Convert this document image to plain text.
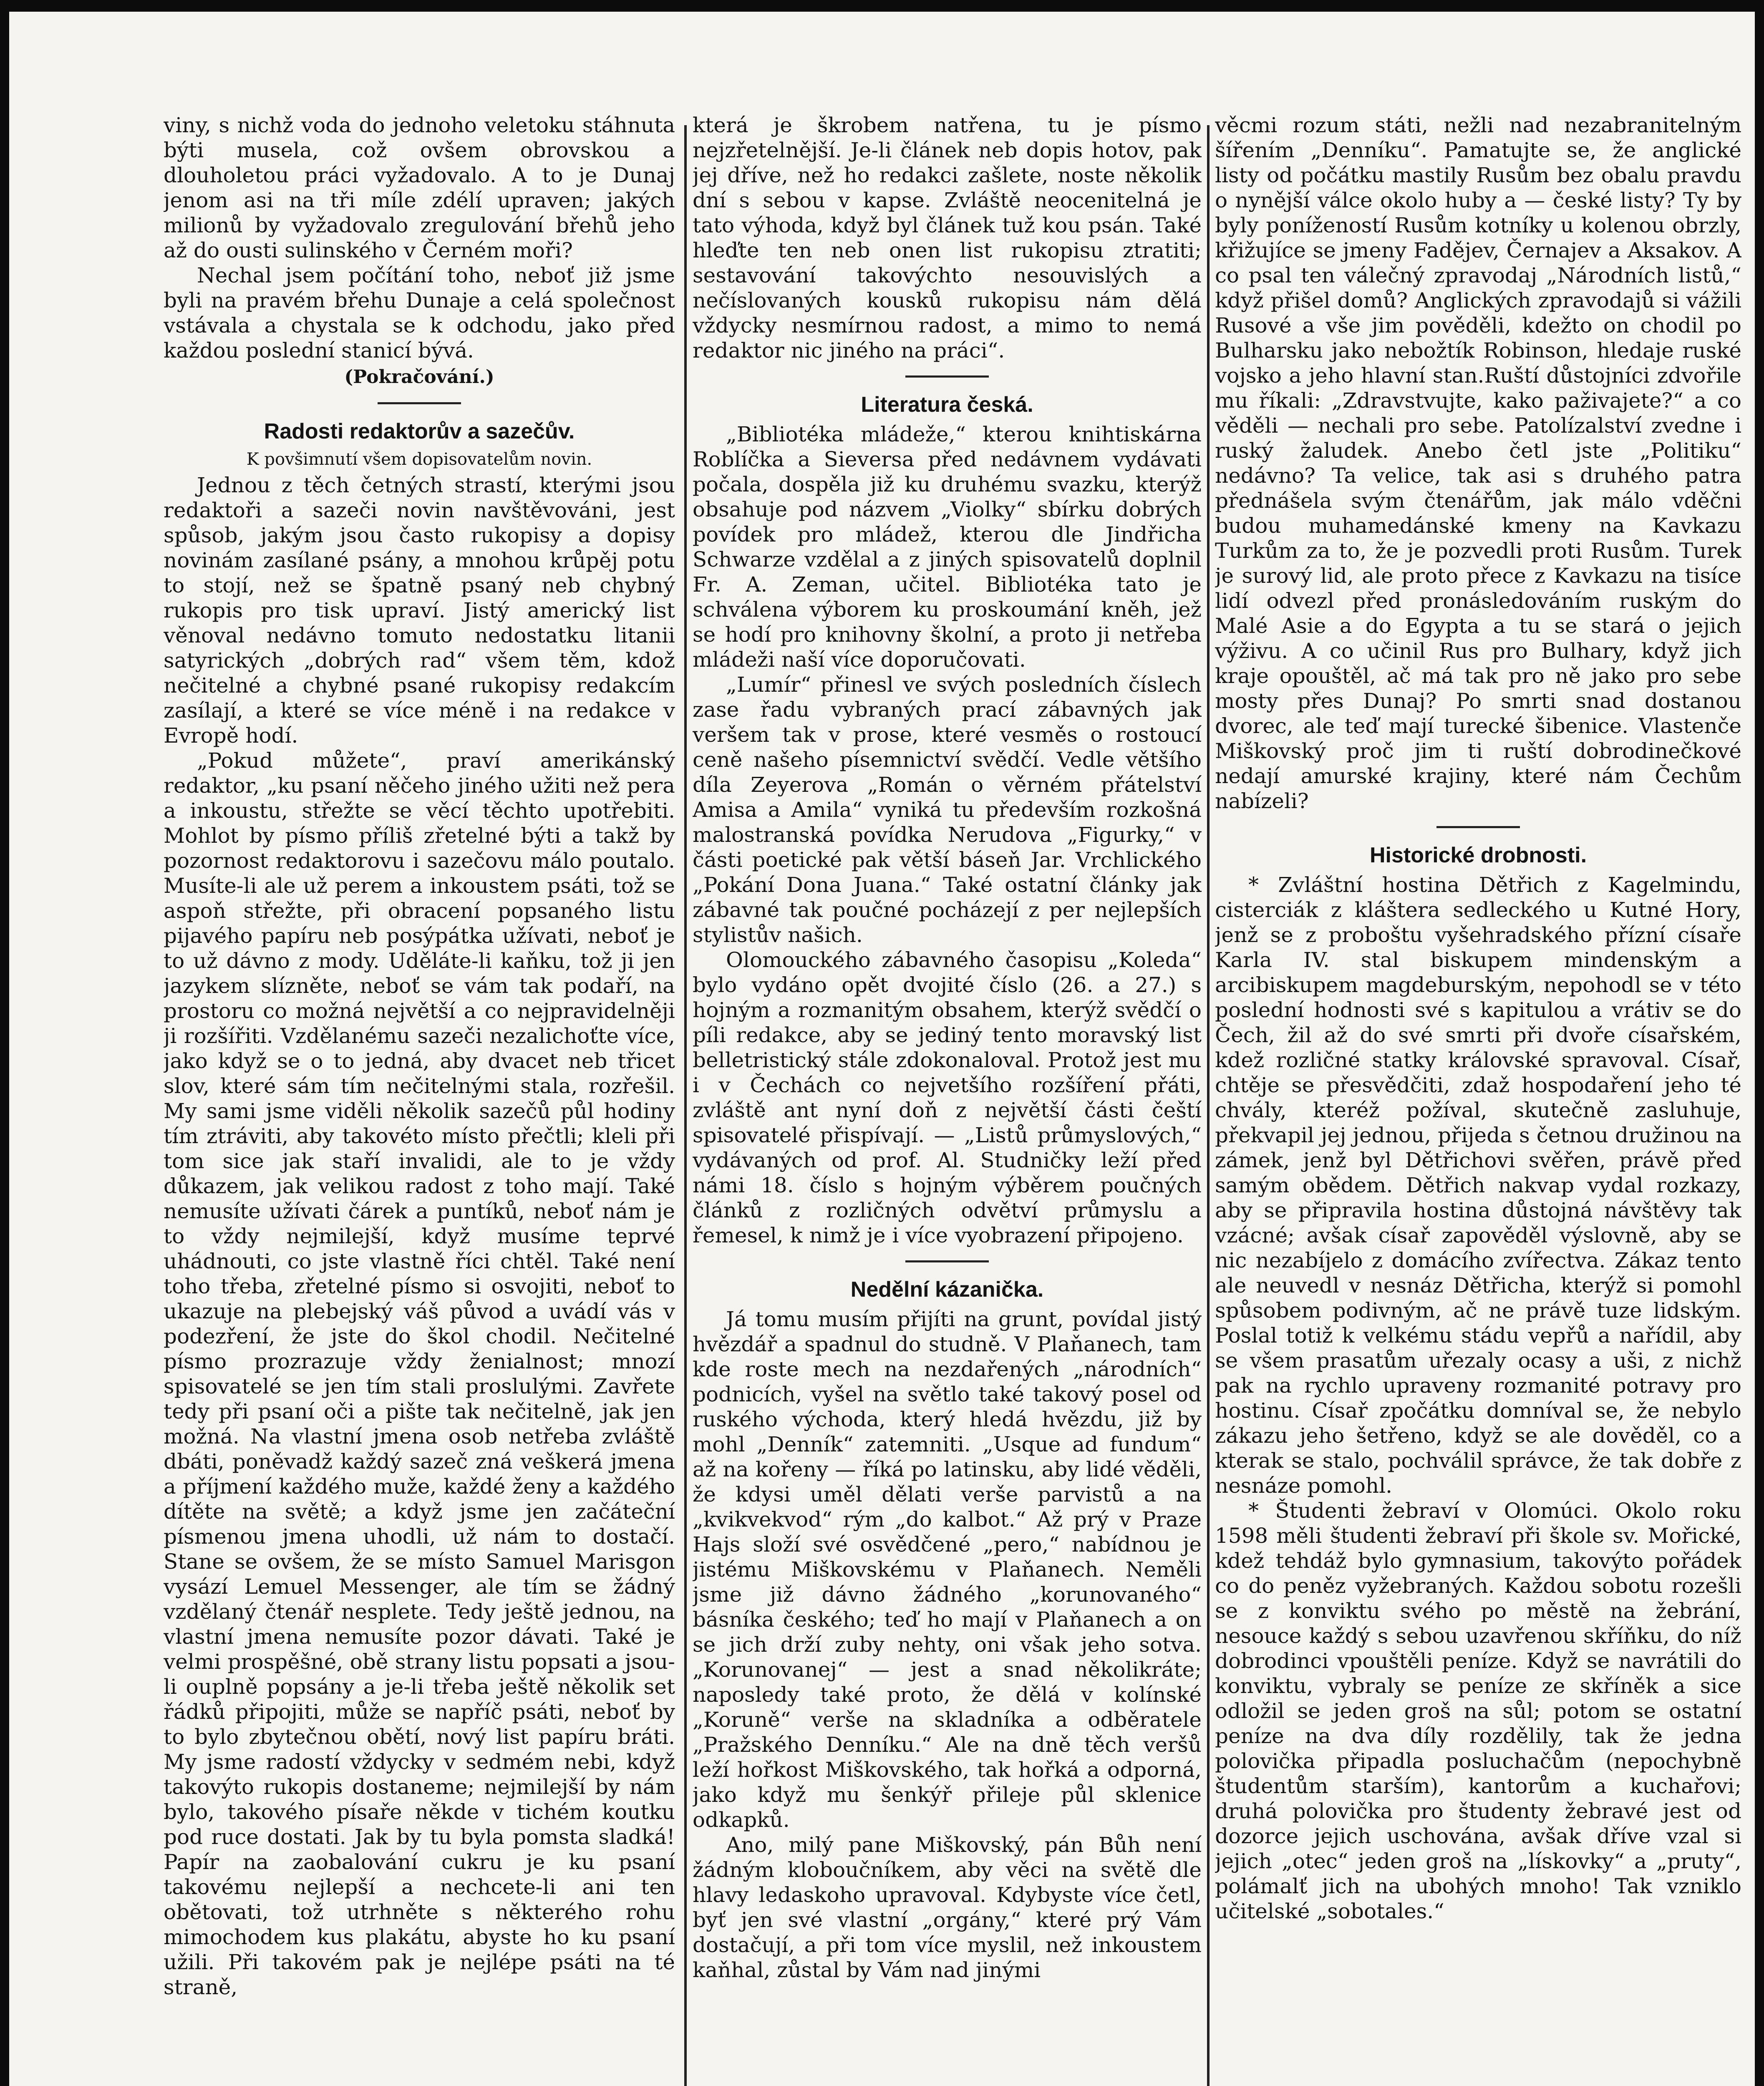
viny, s nichž voda do jednoho veletoku stáhnuta býti musela, což ovšem obrovskou a dlouholetou práci vyžadovalo. A to je Dunaj jenom asi na tři míle zdélí upraven; jakých milionů by vyžadovalo zregulování břehů jeho až do ousti sulinského v Černém moři?

Nechal jsem počítání toho, neboť již jsme byli na pravém břehu Dunaje a celá společnost vstávala a chystala se k odchodu, jako před každou poslední stanicí bývá.

(Pokračování.)
Radosti redaktorův a sazečův.
K povšimnutí všem dopisovatelům novin.

Jednou z těch četných strastí, kterými jsou redaktoři a sazeči novin navštěvováni, jest spůsob, jakým jsou často rukopisy a dopisy novinám zasílané psány, a mnohou krůpěj potu to stojí, než se špatně psaný neb chybný rukopis pro tisk upraví. Jistý americký list věnoval nedávno tomuto nedostatku litanii satyrických „dobrých rad“ všem těm, kdož nečitelné a chybné psané rukopisy redakcím zasílají, a které se více méně i na redakce v Evropě hodí.

„Pokud můžete“, praví amerikánský redaktor, „ku psaní něčeho jiného užiti než pera a inkoustu, střežte se věcí těchto upotřebiti. Mohlot by písmo příliš zřetelné býti a takž by pozornost redaktorovu i sazečovu málo poutalo. Musíte-li ale už perem a inkoustem psáti, tož se aspoň střežte, při obracení popsaného listu pijavého papíru neb posýpátka užívati, neboť je to už dávno z mody. Uděláte-li kaňku, tož ji jen jazykem slízněte, neboť se vám tak podaří, na prostoru co možná největší a co nejpravidelněji ji rozšířiti. Vzdělanému sazeči nezalichoťte více, jako když se o to jedná, aby dvacet neb třicet slov, které sám tím nečitelnými stala, rozřešil. My sami jsme viděli několik sazečů půl hodiny tím ztráviti, aby takovéto místo přečtli; kleli při tom sice jak staří invalidi, ale to je vždy důkazem, jak velikou radost z toho mají. Také nemusíte užívati čárek a puntíků, neboť nám je to vždy nejmilejší, když musíme teprvé uhádnouti, co jste vlastně říci chtěl. Také není toho třeba, zřetelné písmo si osvojiti, neboť to ukazuje na plebejský váš původ a uvádí vás v podezření, že jste do škol chodil. Nečitelné písmo prozrazuje vždy ženialnost; mnozí spisovatelé se jen tím stali proslulými. Zavřete tedy při psaní oči a pište tak nečitelně, jak jen možná. Na vlastní jmena osob netřeba zvláště dbáti, poněvadž každý sazeč zná veškerá jmena a příjmení každého muže, každé ženy a každého dítěte na světě; a když jsme jen začáteční písmenou jmena uhodli, už nám to dostačí. Stane se ovšem, že se místo Samuel Marisgon vysází Lemuel Messenger, ale tím se žádný vzdělaný čtenář nesplete. Tedy ještě jednou, na vlastní jmena nemusíte pozor dávati. Také je velmi prospěšné, obě strany listu popsati a jsou-li ouplně popsány a je-li třeba ještě několik set řádků připojiti, může se napříč psáti, neboť by to bylo zbytečnou obětí, nový list papíru bráti. My jsme radostí vždycky v sedmém nebi, když takovýto rukopis dostaneme; nejmilejší by nám bylo, takového písaře někde v tichém koutku pod ruce dostati. Jak by tu byla pomsta sladká! Papír na zaobalování cukru je ku psaní takovému nejlepší a nechcete-li ani ten obětovati, tož utrhněte s některého rohu mimochodem kus plakátu, abyste ho ku psaní užili. Při takovém pak je nejlépe psáti na té straně,

která je škrobem natřena, tu je písmo nejzřetelnější. Je-li článek neb dopis hotov, pak jej dříve, než ho redakci zašlete, noste několik dní s sebou v kapse. Zvláště neocenitelná je tato výhoda, když byl článek tuž kou psán. Také hleďte ten neb onen list rukopisu ztratiti; sestavování takovýchto nesouvislých a nečíslovaných kousků rukopisu nám dělá vždycky nesmírnou radost, a mimo to nemá redaktor nic jiného na práci“.

Literatura česká.

„Bibliotéka mládeže,“ kterou knihtiskárna Roblíčka a Sieversa před nedávnem vydávati počala, dospěla již ku druhému svazku, kterýž obsahuje pod názvem „Violky“ sbírku dobrých povídek pro mládež, kterou dle Jindřicha Schwarze vzdělal a z jiných spisovatelů doplnil Fr. A. Zeman, učitel. Bibliotéka tato je schválena výborem ku proskoumání kněh, jež se hodí pro knihovny školní, a proto ji netřeba mládeži naší více doporučovati.

„Lumír“ přinesl ve svých posledních číslech zase řadu vybraných prací zábavných jak veršem tak v prose, které vesměs o rostoucí ceně našeho písemnictví svědčí. Vedle většího díla Zeyerova „Román o věrném přátelství Amisa a Amila“ vyniká tu především rozkošná malostranská povídka Nerudova „Figurky,“ v části poetické pak větší báseň Jar. Vrchlického „Pokání Dona Juana.“ Také ostatní články jak zábavné tak poučné pocházejí z per nejlepších stylistův našich.

Olomouckého zábavného časopisu „Koleda“ bylo vydáno opět dvojité číslo (26. a 27.) s hojným a rozmanitým obsahem, kterýž svědčí o píli redakce, aby se jediný tento moravský list belletristický stále zdokonaloval. Protož jest mu i v Čechách co nejvetšího rozšíření přáti, zvláště ant nyní doň z největší části čeští spisovatelé přispívají. — „Listů průmyslových,“ vydávaných od prof. Al. Studničky leží před námi 18. číslo s hojným výběrem poučných článků z rozličných odvětví průmyslu a řemesel, k nimž je i více vyobrazení připojeno.

Nedělní kázanička.

Já tomu musím přijíti na grunt, povídal jistý hvězdář a spadnul do studně. V Plaňanech, tam kde roste mech na nezdařených „národních“ podnicích, vyšel na světlo také takový posel od ruského východa, který hledá hvězdu, již by mohl „Denník“ zatemniti. „Usque ad fundum“ až na kořeny — říká po latinsku, aby lidé věděli, že kdysi uměl dělati verše parvistů a na „kvikvekvod“ rým „do kalbot.“ Až prý v Praze Hajs složí své osvědčené „pero,“ nabídnou je jistému Miškovskému v Plaňanech. Neměli jsme již dávno žádného „korunovaného“ básníka českého; teď ho mají v Plaňanech a on se jich drží zuby nehty, oni však jeho sotva. „Korunovanej“ — jest a snad několikráte; naposledy také proto, že dělá v kolínské „Koruně“ verše na skladníka a odběratele „Pražského Denníku.“ Ale na dně těch veršů leží hořkost Miškovského, tak hořká a odporná, jako když mu šenkýř přileje půl sklenice odkapků.

Ano, milý pane Miškovský, pán Bůh není žádným kloboučníkem, aby věci na světě dle hlavy ledaskoho upravoval. Kdybyste více četl, byť jen své vlastní „orgány,“ které prý Vám dostačují, a při tom více myslil, než inkoustem kaňhal, zůstal by Vám nad jinými

věcmi rozum státi, nežli nad nezabranitelným šířením „Denníku“. Pamatujte se, že anglické listy od počátku mastily Rusům bez obalu pravdu o nynější válce okolo huby a — české listy? Ty by byly ponížeností Rusům kotníky u kolenou obrzly, křižujíce se jmeny Fadějev, Černajev a Aksakov. A co psal ten válečný zpravodaj „Národních listů,“ když přišel domů? Anglických zpravodajů si vážili Rusové a vše jim pověděli, kdežto on chodil po Bulharsku jako nebožtík Robinson, hledaje ruské vojsko a jeho hlavní stan.Ruští důstojníci zdvořile mu říkali: „Zdravstvujte, kako paživajete?“ a co věděli — nechali pro sebe. Patolízalství zvedne i ruský žaludek. Anebo četl jste „Politiku“ nedávno? Ta velice, tak asi s druhého patra přednášela svým čtenářům, jak málo vděčni budou muhamedánské kmeny na Kavkazu Turkům za to, že je pozvedli proti Rusům. Turek je surový lid, ale proto přece z Kavkazu na tisíce lidí odvezl před pronásledováním ruským do Malé Asie a do Egypta a tu se stará o jejich výživu. A co učinil Rus pro Bulhary, když jich kraje opouštěl, ač má tak pro ně jako pro sebe mosty přes Dunaj? Po smrti snad dostanou dvorec, ale teď mají turecké šibenice. Vlastenče Miškovský proč jim ti ruští dobrodinečkové nedají amurské krajiny, které nám Čechům nabízeli?

Historické drobnosti.

* Zvláštní hostina Dětřich z Kagelmindu, cisterciák z kláštera sedleckého u Kutné Hory, jenž se z proboštu vyšehradského přízní císaře Karla IV. stal biskupem mindenským a arcibiskupem magdeburským, nepohodl se v této poslední hodnosti své s kapitulou a vrátiv se do Čech, žil až do své smrti při dvoře císařském, kdež rozličné statky královské spravoval. Císař, chtěje se přesvědčiti, zdaž hospodaření jeho té chvály, kteréž požíval, skutečně zasluhuje, překvapil jej jednou, přijeda s četnou družinou na zámek, jenž byl Dětřichovi svěřen, právě před samým obědem. Dětřich nakvap vydal rozkazy, aby se připravila hostina důstojná návštěvy tak vzácné; avšak císař zapověděl výslovně, aby se nic nezabíjelo z domácího zvířectva. Zákaz tento ale neuvedl v nesnáz Dětřicha, kterýž si pomohl spůsobem podivným, ač ne právě tuze lidským. Poslal totiž k velkému stádu vepřů a nařídil, aby se všem prasatům uřezaly ocasy a uši, z nichž pak na rychlo upraveny rozmanité potravy pro hostinu. Císař zpočátku domníval se, že nebylo zákazu jeho šetřeno, když se ale dověděl, co a kterak se stalo, pochválil správce, že tak dobře z nesnáze pomohl.

* Študenti žebraví v Olomúci. Okolo roku 1598 měli študenti žebraví při škole sv. Mořické, kdež tehdáž bylo gymnasium, takovýto pořádek co do peněz vyžebraných. Každou sobotu rozešli se z konviktu svého po městě na žebrání, nesouce každý s sebou uzavřenou skříňku, do níž dobrodinci vpouštěli peníze. Když se navrátili do konviktu, vybraly se peníze ze skříněk a sice odložil se jeden groš na sůl; potom se ostatní peníze na dva díly rozdělily, tak že jedna polovička připadla posluchačům (nepochybně študentům starším), kantorům a kuchařovi; druhá polovička pro študenty žebravé jest od dozorce jejich uschována, avšak dříve vzal si jejich „otec“ jeden groš na „lískovky“ a „pruty“, polámalť jich na ubohých mnoho! Tak vzniklo učitelské „sobotales.“
